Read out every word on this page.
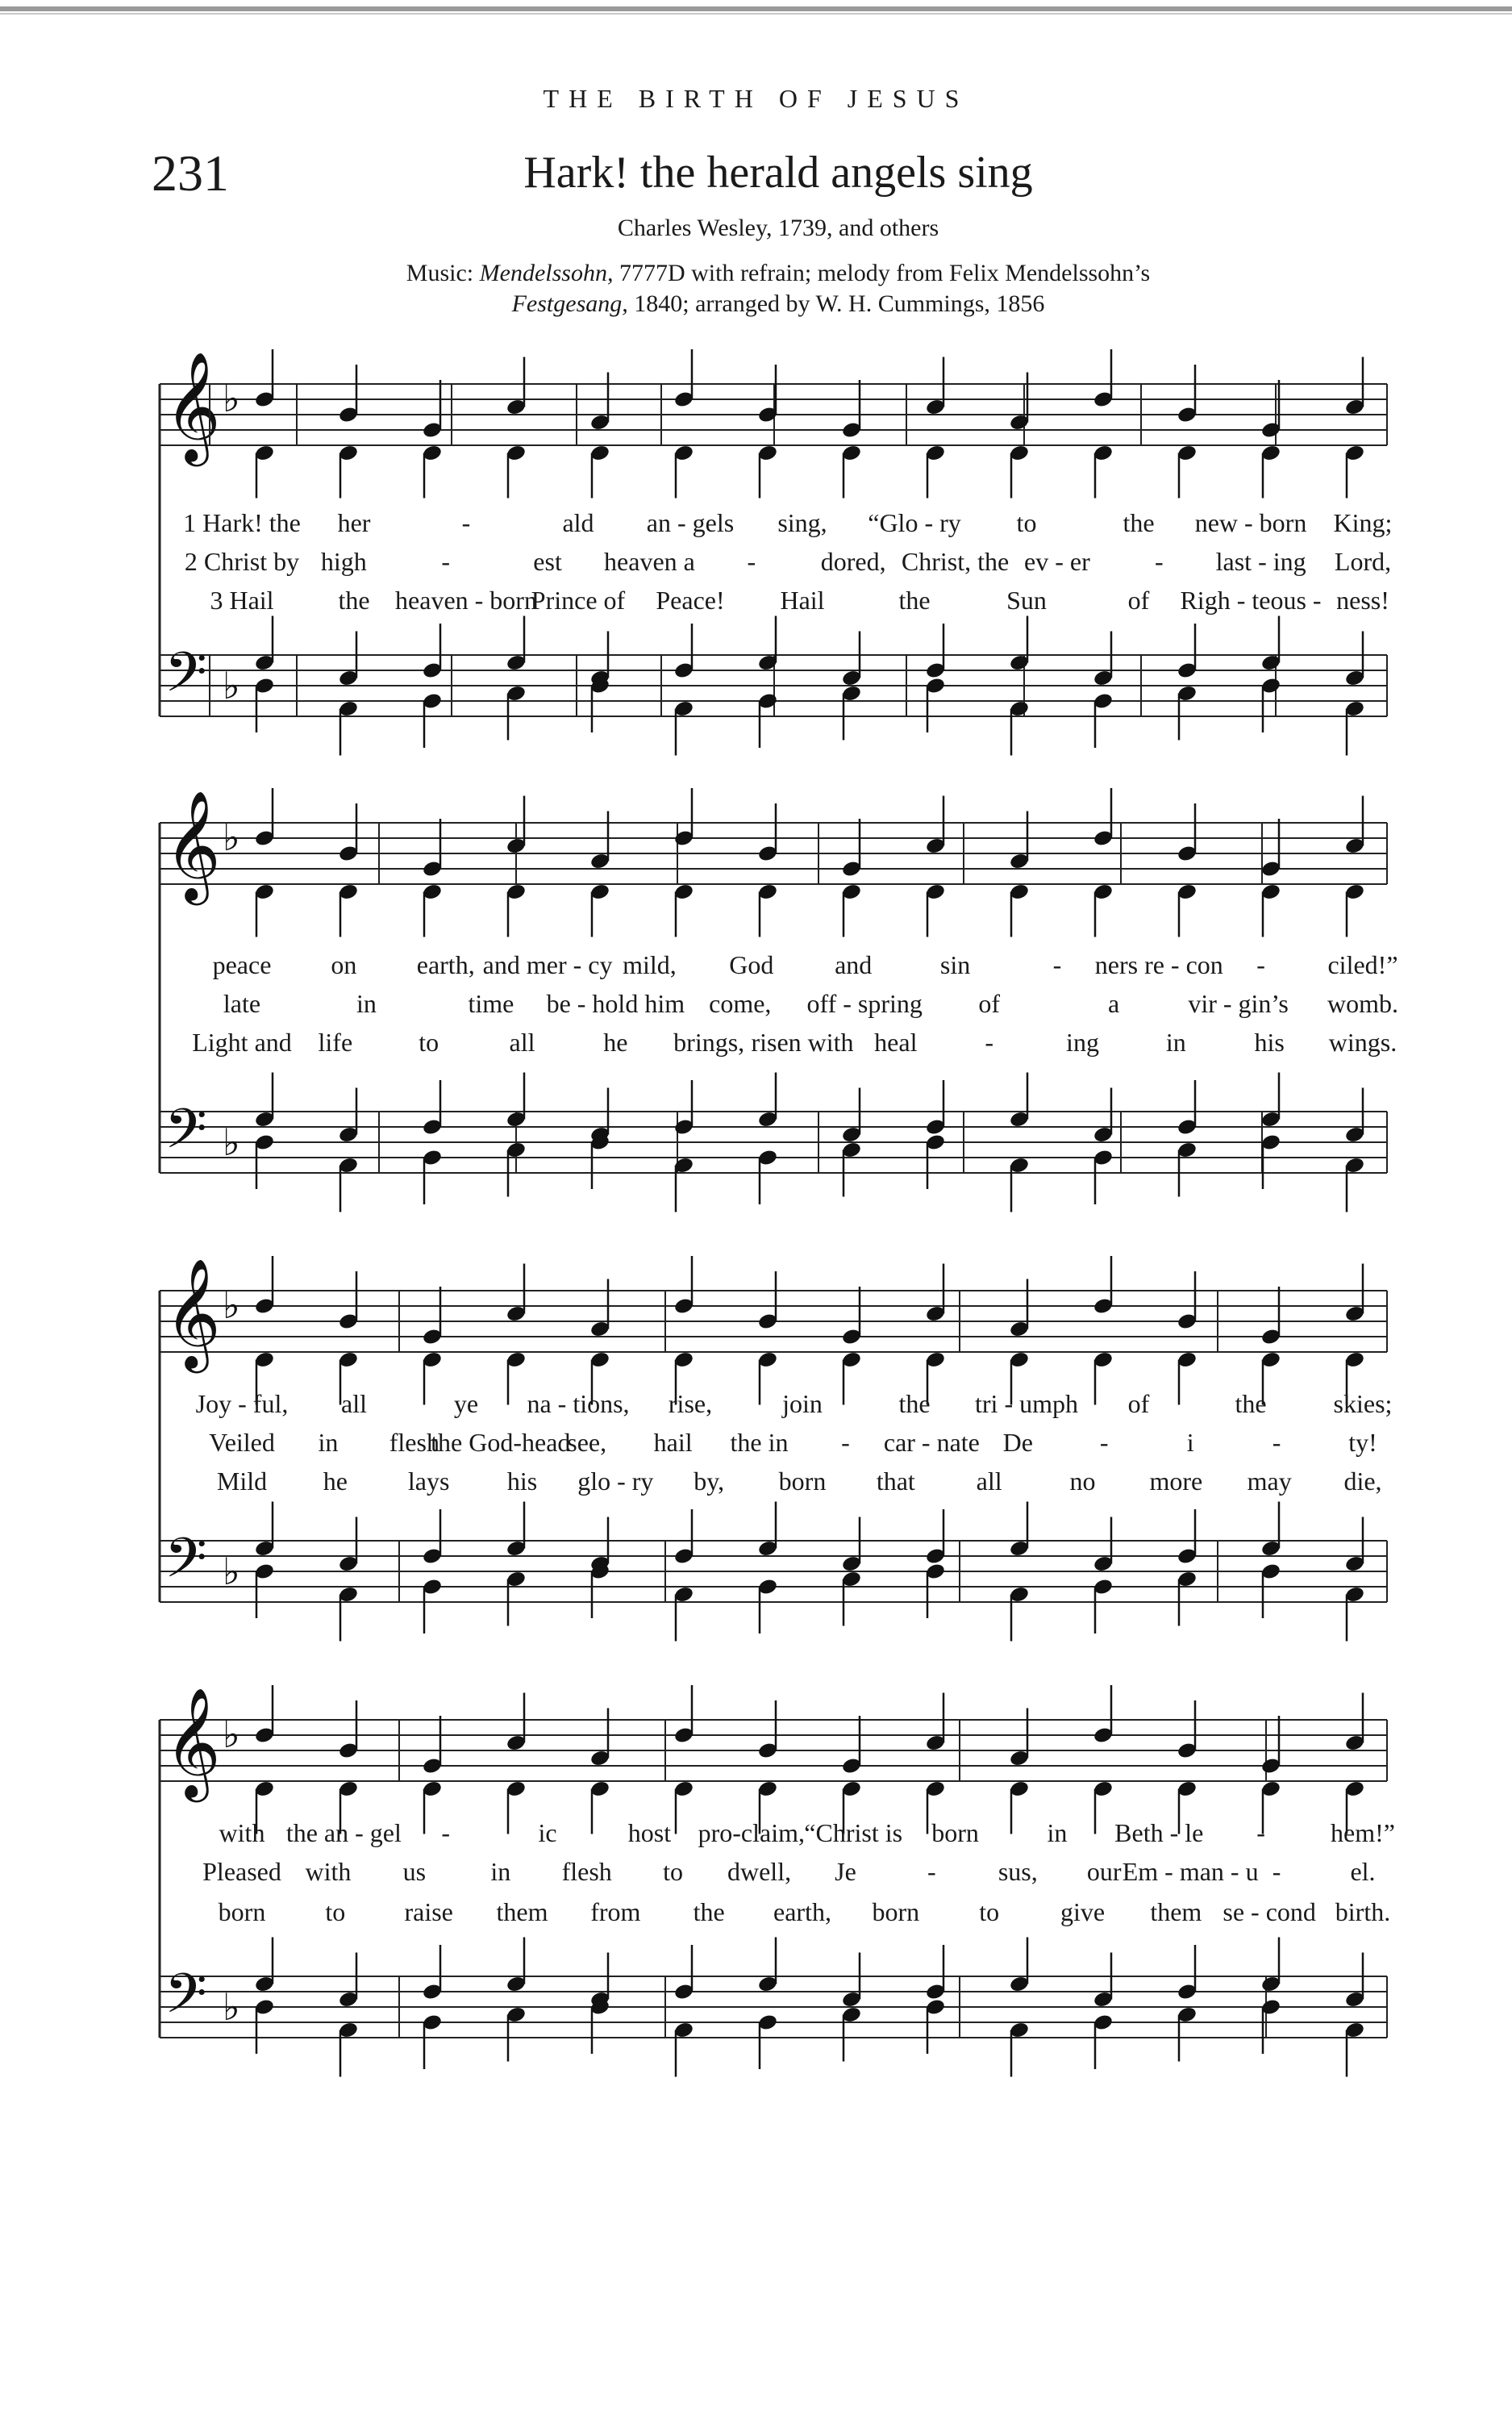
THE BIRTH OF JESUS
231	Hark! the herald angels sing
Charles Wesley, 1739, and others
Music: Mendelssohn, 7777D with refrain; melody from Felix Mendelssohn’s
Festgesang, 1840; arranged by W. H. Cummings, 1856
𝄞 ♭
𝄢 ♭
𝄞 ♭
𝄢 ♭
𝄞 ♭
𝄢 ♭
𝄞 ♭
𝄢 ♭
1 Hark! the her	-	ald an - gels sing, “Glo - ry to	the new - born King;
2 Christ by high	-	est heaven a -	dored, Christ, the ev - er	- last - ing Lord,
3 Hail the heaven - born
Prince of Peace! Hail	the	Sun	of Righ - teous - ness!
peace on earth, and mer - cy mild, God and	sin	- ners re - con - ciled!”
late	in	time be - hold him come, off - spring of	a	vir - gin’s womb.
Light and life	to	all	he brings, risen with heal	-	ing	in	his wings.
Joy - ful, all	ye na - tions, rise,	join	the tri - umph of	the	skies;
Veiled in flesh
the God-head
see, hail the in - car - nate De	-	i	-	ty!
Mild he lays his glo - ry by, born that all	no more may die,
with the an - gel -	ic	host pro-claim, “Christ is born	in Beth - le -	hem!”
Pleased with us	in flesh to dwell, Je	- sus, our Em - man - u -	el.
born to raise them from the earth, born to give them se - cond birth.
